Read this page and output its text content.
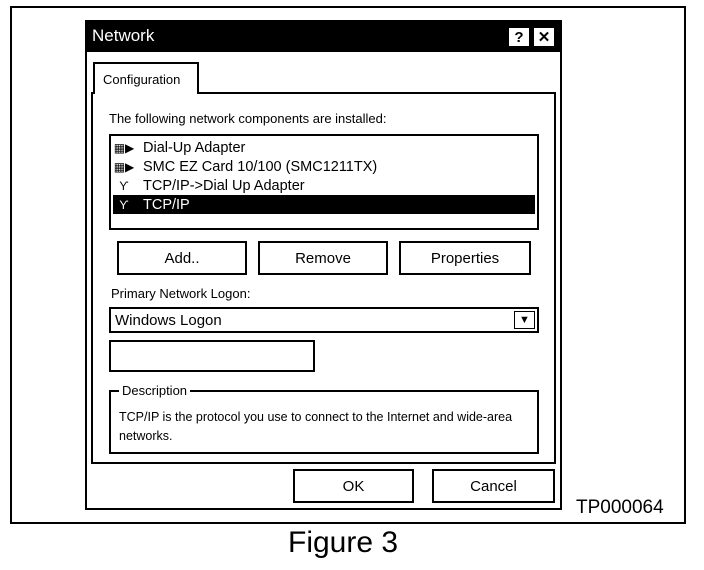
Network	? ✕
Configuration
The following network components are installed:
▦▶ Dial-Up Adapter
▦▶ SMC EZ Card 10/100 (SMC1211TX)
Ƴ TCP/IP->Dial Up Adapter
Ƴ TCP/IP
Add..	Remove	Properties
Primary Network Logon:
Windows Logon	▼
Description
TCP/IP is the protocol you use to connect to the Internet and wide-area networks.
OK	Cancel
TP000064
Figure 3
